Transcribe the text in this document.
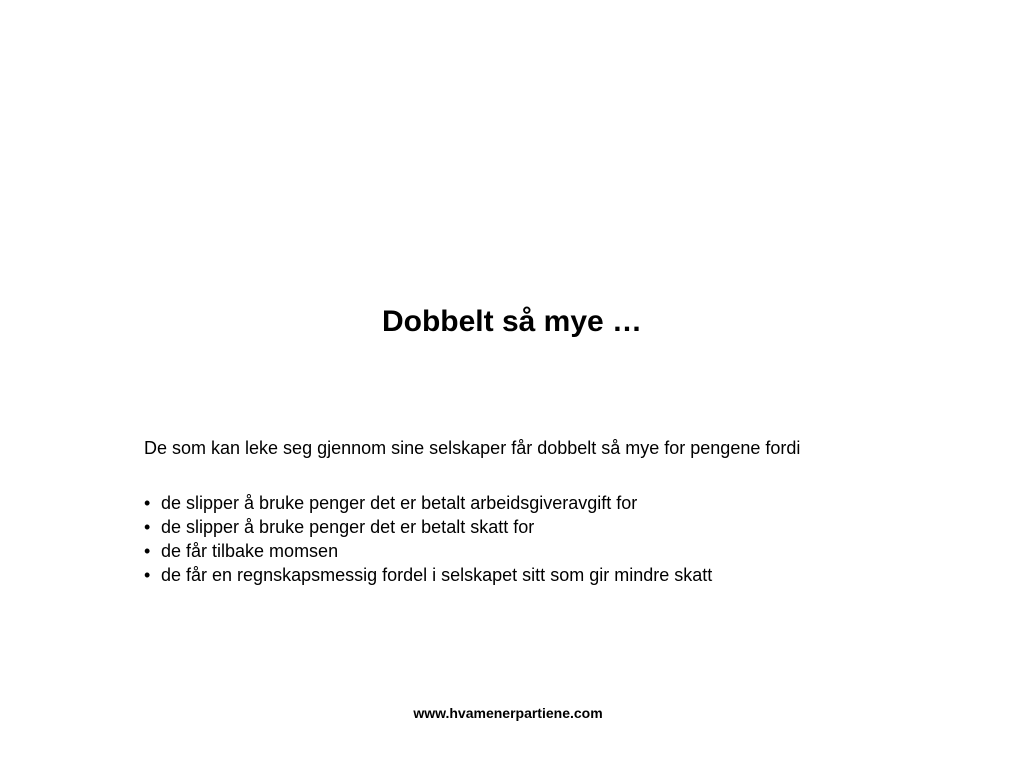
Dobbelt så mye …

De som kan leke seg gjennom sine selskaper får dobbelt så mye for pengene fordi

• de slipper å bruke penger det er betalt arbeidsgiveravgift for
• de slipper å bruke penger det er betalt skatt for
• de får tilbake momsen
• de får en regnskapsmessig fordel i selskapet sitt som gir mindre skatt

www.hvamenerpartiene.com
